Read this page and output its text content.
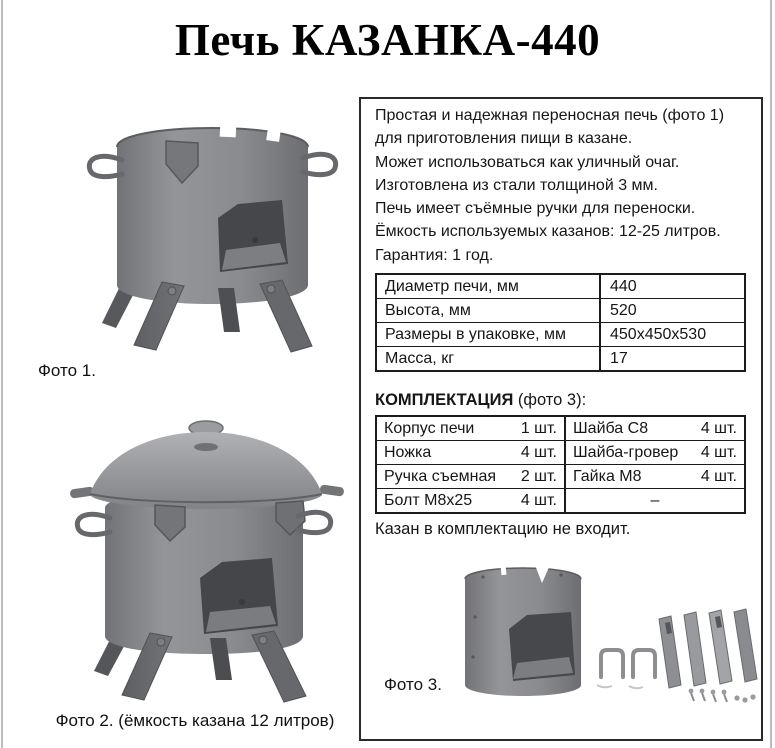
Печь КАЗАНКА-440
Фото 1.
Фото 2. (ёмкость казана 12 литров)
Простая и надежная переносная печь (фото 1)
для приготовления пищи в казане.
Может использоваться как уличный очаг.
Изготовлена из стали толщиной 3 мм.
Печь имеет съёмные ручки для переноски.
Ёмкость используемых казанов: 12-25 литров.
Гарантия: 1 год.
Диаметр печи, мм	440
Высота, мм	520
Размеры в упаковке, мм	450х450х530
Масса, кг	17
КОМПЛЕКТАЦИЯ (фото 3):
Корпус печи	1 шт. Шайба С8	4 шт.
Ножка	4 шт. Шайба-гровер 4 шт.
Ручка съемная 2 шт. Гайка М8	4 шт.
Болт М8х25	4 шт.	–
Казан в комплектацию не входит.
Фото 3.
